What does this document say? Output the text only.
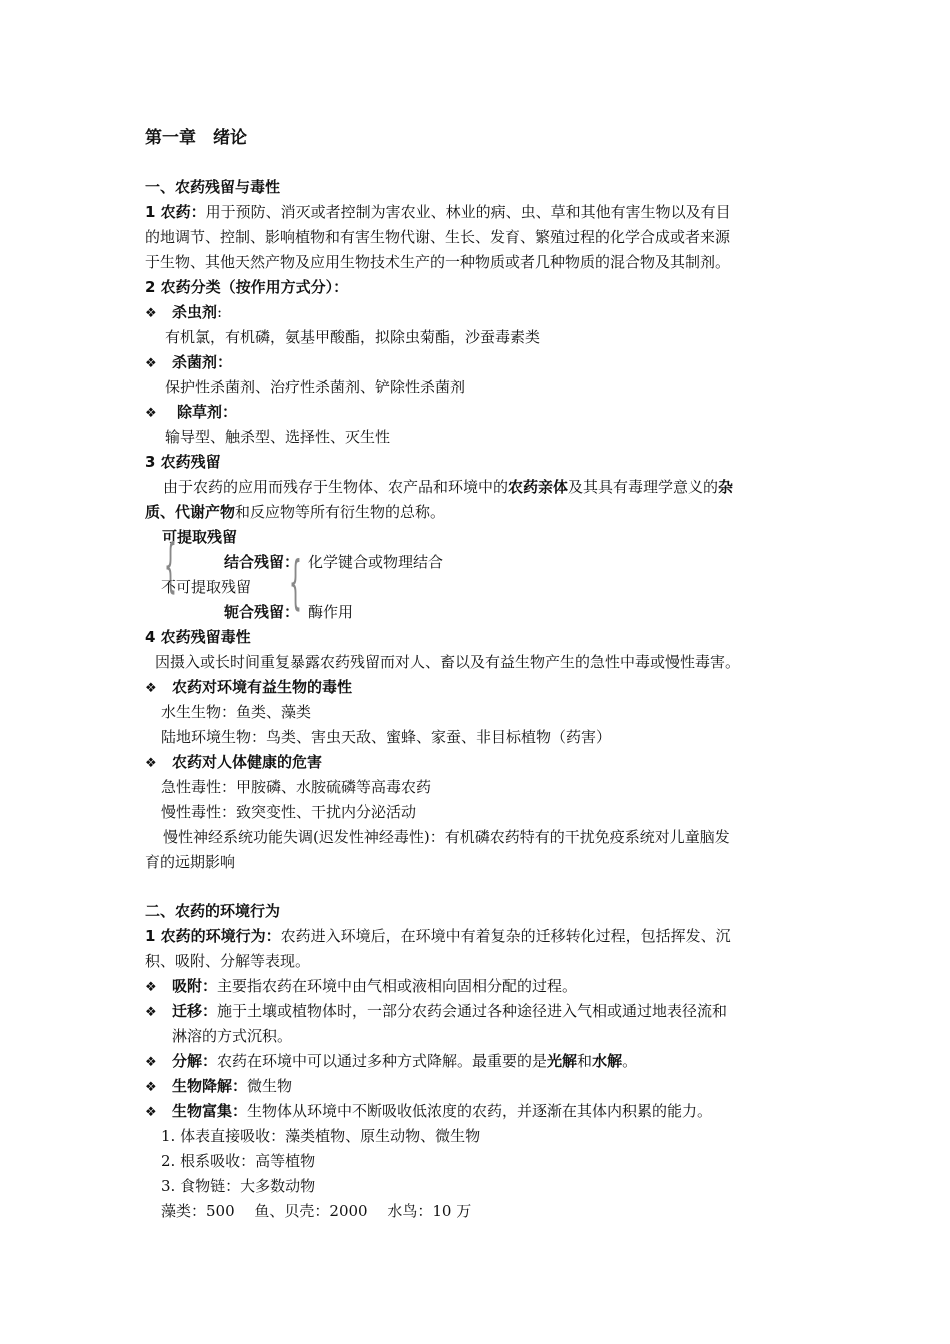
第一章　绪论
一、农药残留与毒性
1 农药：用于预防、消灭或者控制为害农业、林业的病、虫、草和其他有害生物以及有目
的地调节、控制、影响植物和有害生物代谢、生长、发育、繁殖过程的化学合成或者来源
于生物、其他天然产物及应用生物技术生产的一种物质或者几种物质的混合物及其制剂。
2 农药分类（按作用方式分）：
❖ 杀虫剂:
有机氯，有机磷，氨基甲酸酯，拟除虫菊酯，沙蚕毒素类
❖ 杀菌剂：
保护性杀菌剂、治疗性杀菌剂、铲除性杀菌剂
❖ 除草剂：
输导型、触杀型、选择性、灭生性
3 农药残留
由于农药的应用而残存于生物体、农产品和环境中的农药亲体及其具有毒理学意义的杂
质、代谢产物和反应物等所有衍生物的总称。
可提取残留
{	结合残留： 化学键合或物理结合
不可提取残留 {
轭合残留： 酶作用
4 农药残留毒性
因摄入或长时间重复暴露农药残留而对人、畜以及有益生物产生的急性中毒或慢性毒害。
❖ 农药对环境有益生物的毒性
水生生物：鱼类、藻类
陆地环境生物：鸟类、害虫天敌、蜜蜂、家蚕、非目标植物（药害）
❖ 农药对人体健康的危害
急性毒性：甲胺磷、水胺硫磷等高毒农药
慢性毒性：致突变性、干扰内分泌活动
慢性神经系统功能失调(迟发性神经毒性)：有机磷农药特有的干扰免疫系统对儿童脑发
育的远期影响
二、农药的环境行为
1 农药的环境行为：农药进入环境后，在环境中有着复杂的迁移转化过程，包括挥发、沉
积、吸附、分解等表现。
❖ 吸附：主要指农药在环境中由气相或液相向固相分配的过程。
❖ 迁移：施于土壤或植物体时，一部分农药会通过各种途径进入气相或通过地表径流和
淋溶的方式沉积。
❖ 分解：农药在环境中可以通过多种方式降解。最重要的是光解和水解。
❖ 生物降解：微生物
❖ 生物富集：生物体从环境中不断吸收低浓度的农药，并逐渐在其体内积累的能力。
1. 体表直接吸收：藻类植物、原生动物、微生物
2. 根系吸收：高等植物
3. 食物链：大多数动物
藻类：500　 鱼、贝壳：2000　 水鸟：10 万
